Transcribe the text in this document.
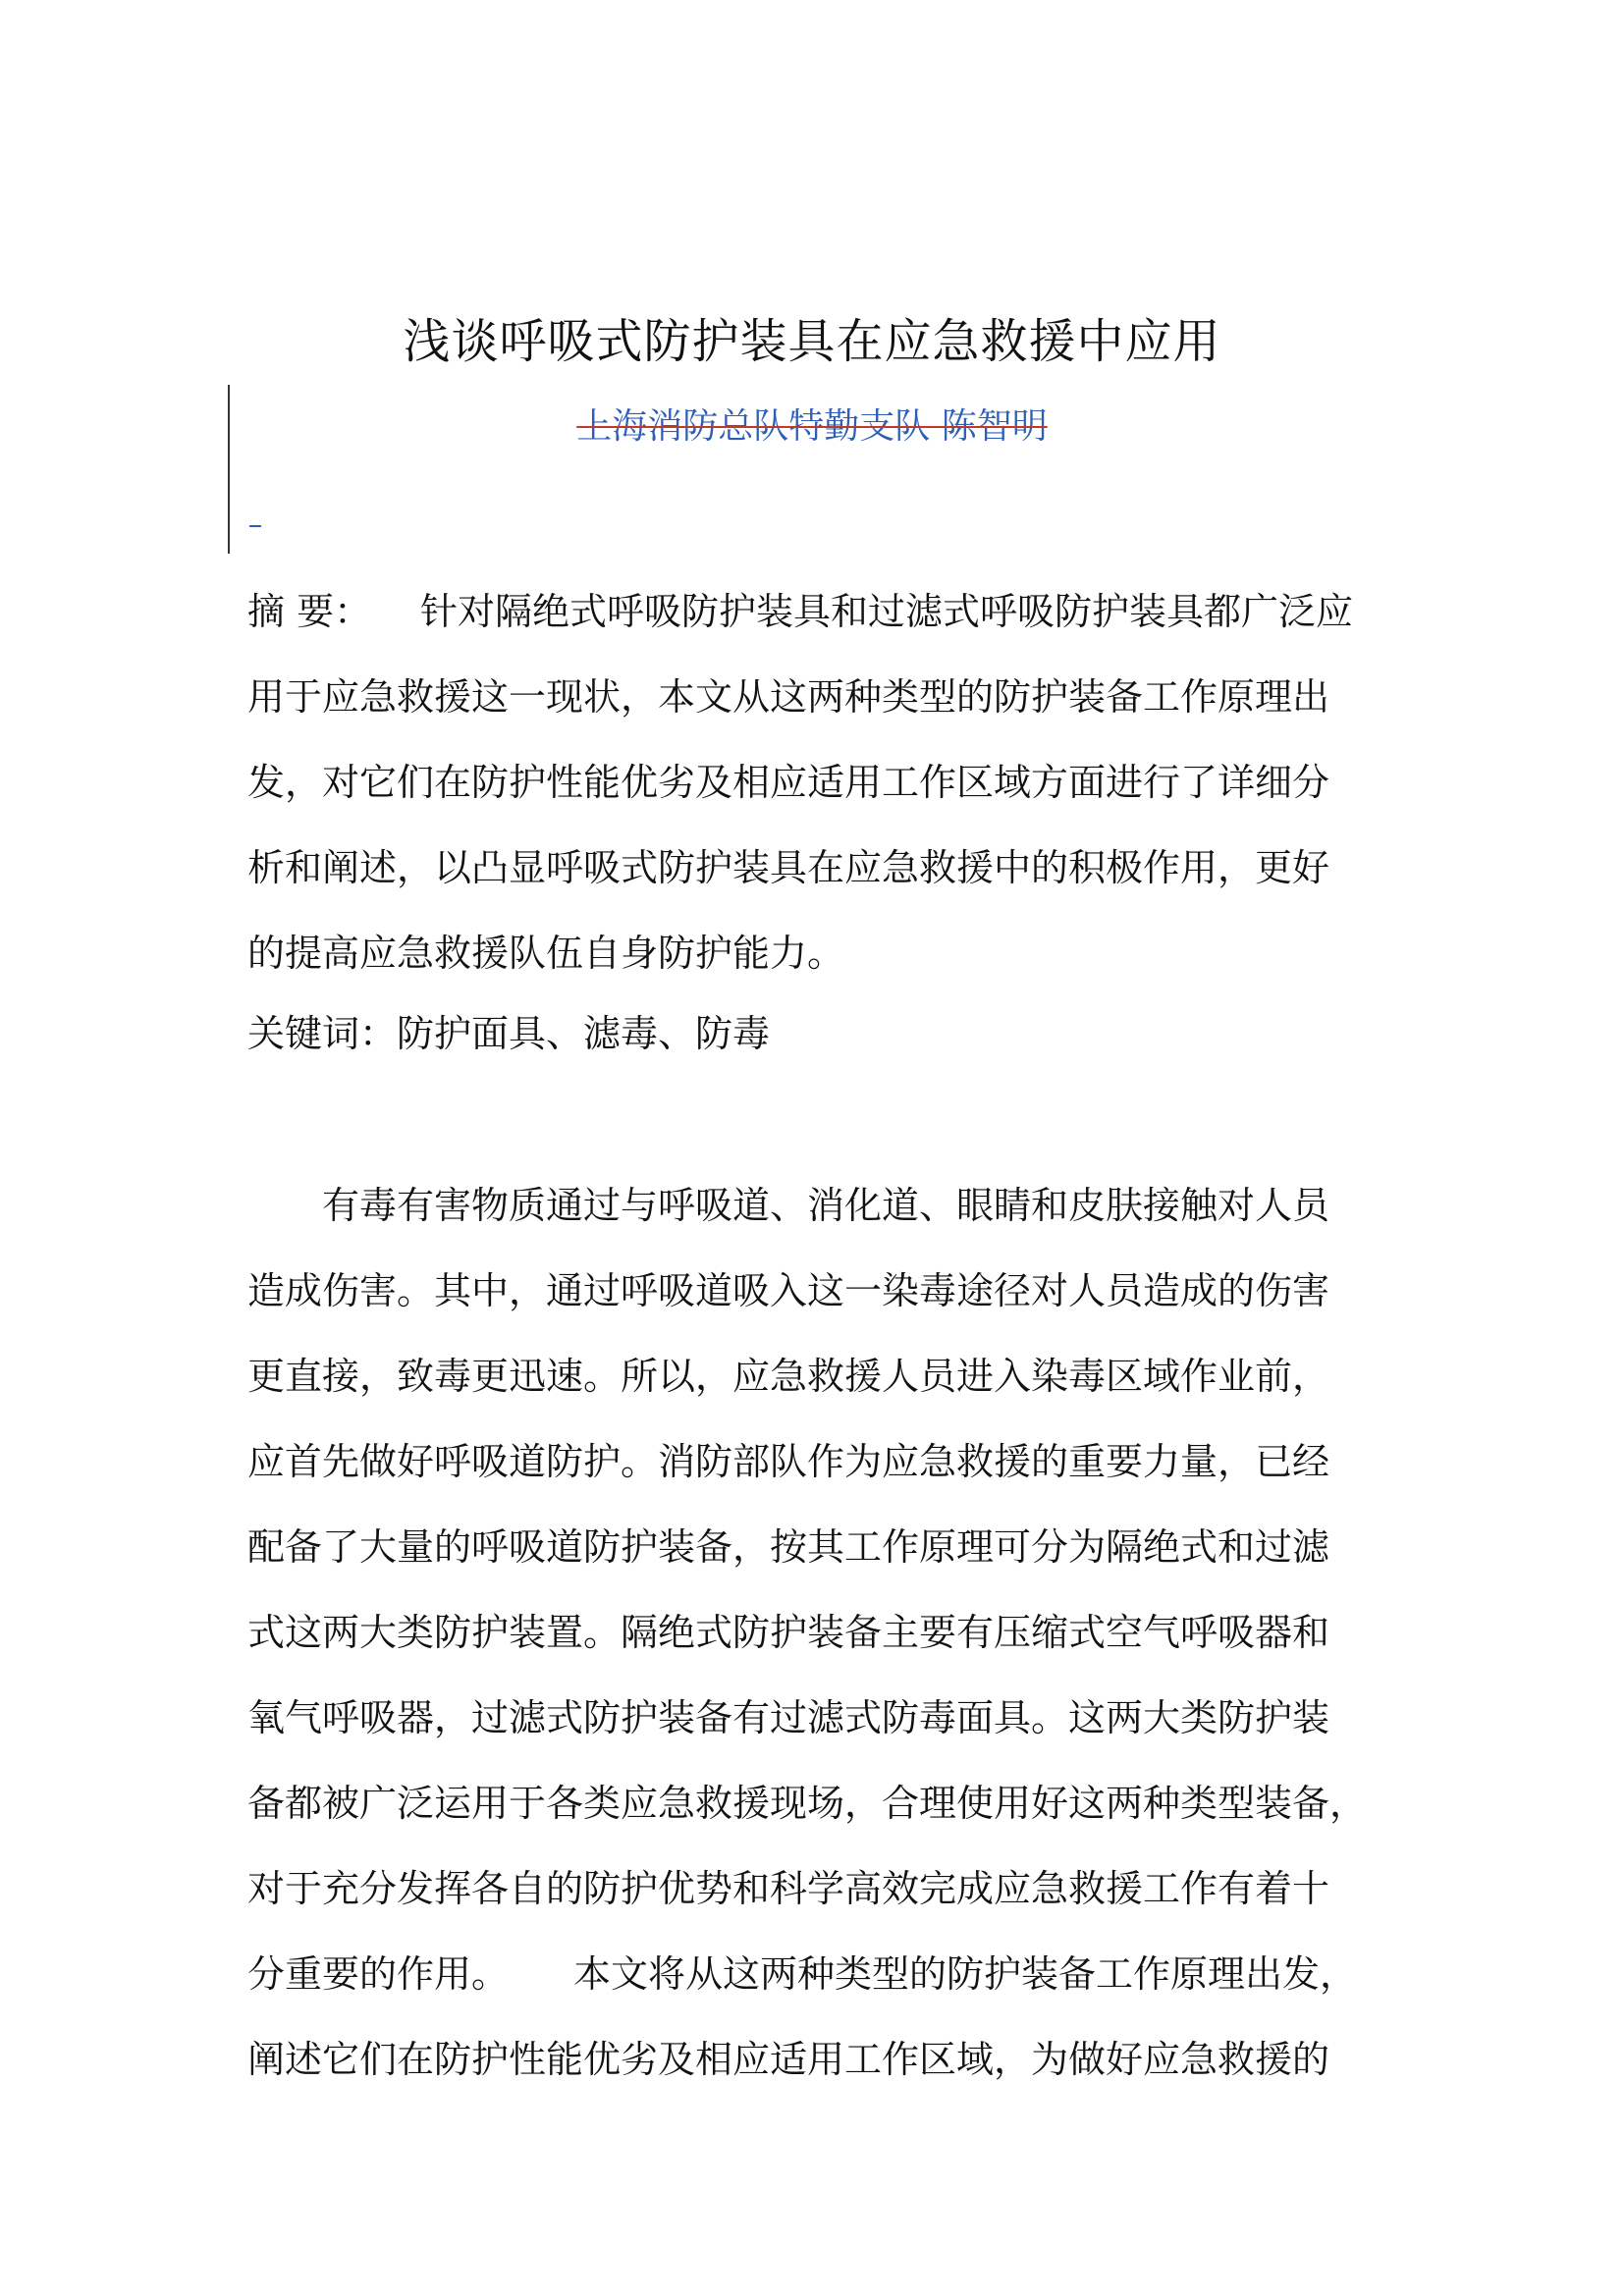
浅谈呼吸式防护装具在应急救援中应用
上海消防总队特勤支队 陈智明
摘 要： 针对隔绝式呼吸防护装具和过滤式呼吸防护装具都广泛应
用于应急救援这一现状，本文从这两种类型的防护装备工作原理出
发，对它们在防护性能优劣及相应适用工作区域方面进行了详细分
析和阐述，以凸显呼吸式防护装具在应急救援中的积极作用，更好
的提高应急救援队伍自身防护能力。
关键词：防护面具、滤毒、防毒
有毒有害物质通过与呼吸道、消化道、眼睛和皮肤接触对人员
造成伤害。其中，通过呼吸道吸入这一染毒途径对人员造成的伤害
更直接，致毒更迅速。所以，应急救援人员进入染毒区域作业前，
应首先做好呼吸道防护。消防部队作为应急救援的重要力量，已经
配备了大量的呼吸道防护装备，按其工作原理可分为隔绝式和过滤
式这两大类防护装置。隔绝式防护装备主要有压缩式空气呼吸器和
氧气呼吸器，过滤式防护装备有过滤式防毒面具。这两大类防护装
备都被广泛运用于各类应急救援现场，合理使用好这两种类型装备，
对于充分发挥各自的防护优势和科学高效完成应急救援工作有着十
分重要的作用。 本文将从这两种类型的防护装备工作原理出发，
阐述它们在防护性能优劣及相应适用工作区域，为做好应急救援的
